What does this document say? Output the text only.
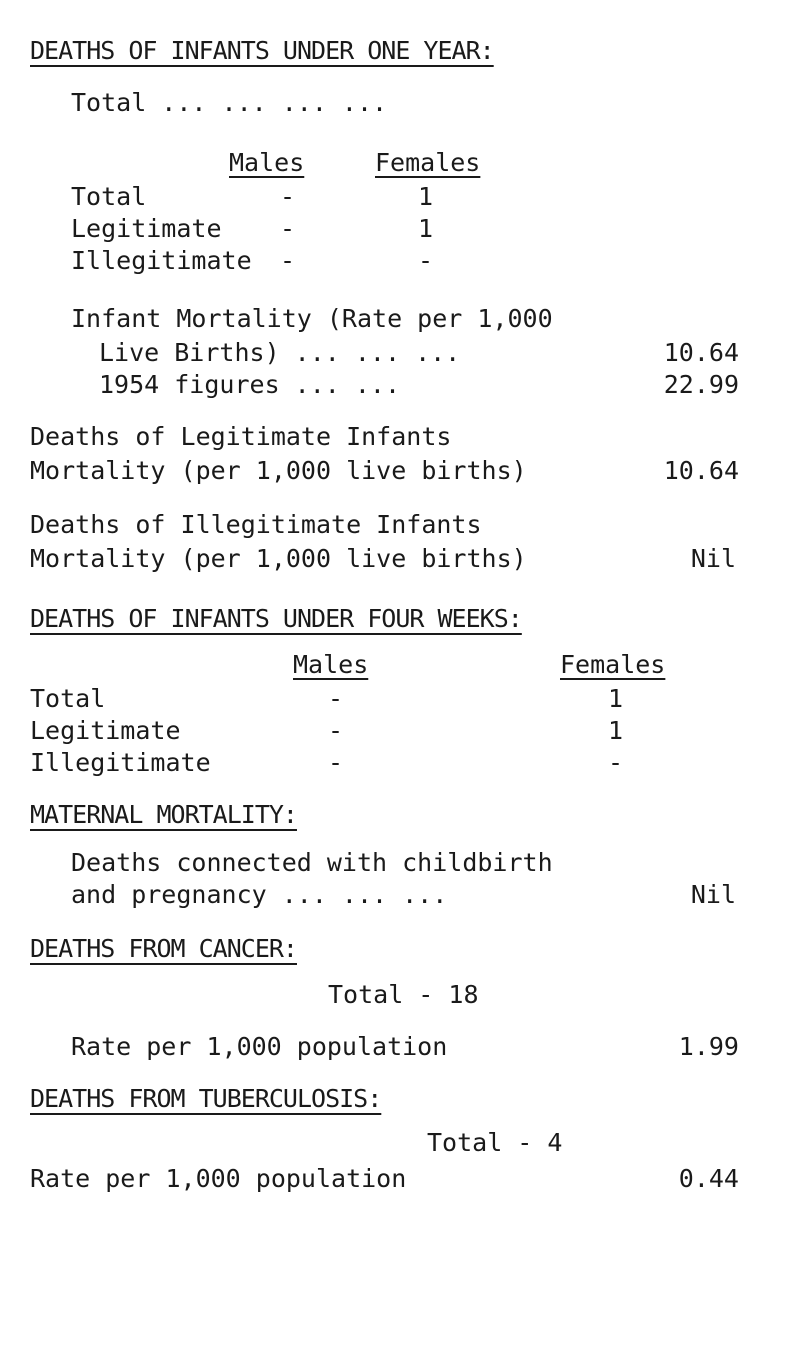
DEATHS OF INFANTS UNDER ONE YEAR:
Total ... ... ... ...
Males	Females
Total	-	1
Legitimate -	1
Illegitimate -	-
Infant Mortality (Rate per 1,000
Live Births) ... ... ...	10.64
1954 figures ... ...	22.99
Deaths of Legitimate Infants
Mortality (per 1,000 live births)	10.64
Deaths of Illegitimate Infants
Mortality (per 1,000 live births)	Nil
DEATHS OF INFANTS UNDER FOUR WEEKS:
Males	Females
Total	-	1
Legitimate	-	1
Illegitimate	-	-
MATERNAL MORTALITY:
Deaths connected with childbirth
and pregnancy ... ... ...	Nil
DEATHS FROM CANCER:
Total - 18
Rate per 1,000 population	1.99
DEATHS FROM TUBERCULOSIS:
Total - 4
Rate per 1,000 population	0.44
